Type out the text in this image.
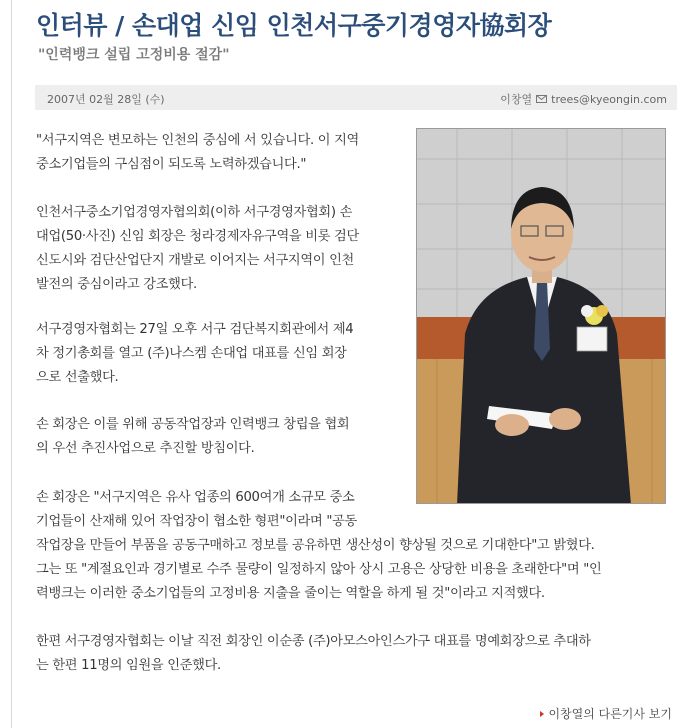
인터뷰 / 손대업 신임 인천서구중기경영자協회장
"인력뱅크 설립 고정비용 절감"
2007년 02월 28일 (수)	이창열 trees@kyeongin.com
"서구지역은 변모하는 인천의 중심에 서 있습니다. 이 지역
중소기업들의 구심점이 되도록 노력하겠습니다."
인천서구중소기업경영자협의회(이하 서구경영자협회) 손
대업(50·사진) 신임 회장은 청라경제자유구역을 비롯 검단
신도시와 검단산업단지 개발로 이어지는 서구지역이 인천
발전의 중심이라고 강조했다.
서구경영자협회는 27일 오후 서구 검단복지회관에서 제4
차 정기총회를 열고 (주)나스켐 손대업 대표를 신임 회장
으로 선출했다.
손 회장은 이를 위해 공동작업장과 인력뱅크 창립을 협회
의 우선 추진사업으로 추진할 방침이다.
손 회장은 "서구지역은 유사 업종의 600여개 소규모 중소
기업들이 산재해 있어 작업장이 협소한 형편"이라며 "공동
작업장을 만들어 부품을 공동구매하고 정보를 공유하면 생산성이 향상될 것으로 기대한다"고 밝혔다.
그는 또 "계절요인과 경기별로 수주 물량이 일정하지 않아 상시 고용은 상당한 비용을 초래한다"며 "인
력뱅크는 이러한 중소기업들의 고정비용 지출을 줄이는 역할을 하게 될 것"이라고 지적했다.
한편 서구경영자협회는 이날 직전 회장인 이순종 (주)아모스아인스가구 대표를 명예회장으로 추대하
는 한편 11명의 임원을 인준했다.
이창열의 다른기사 보기
